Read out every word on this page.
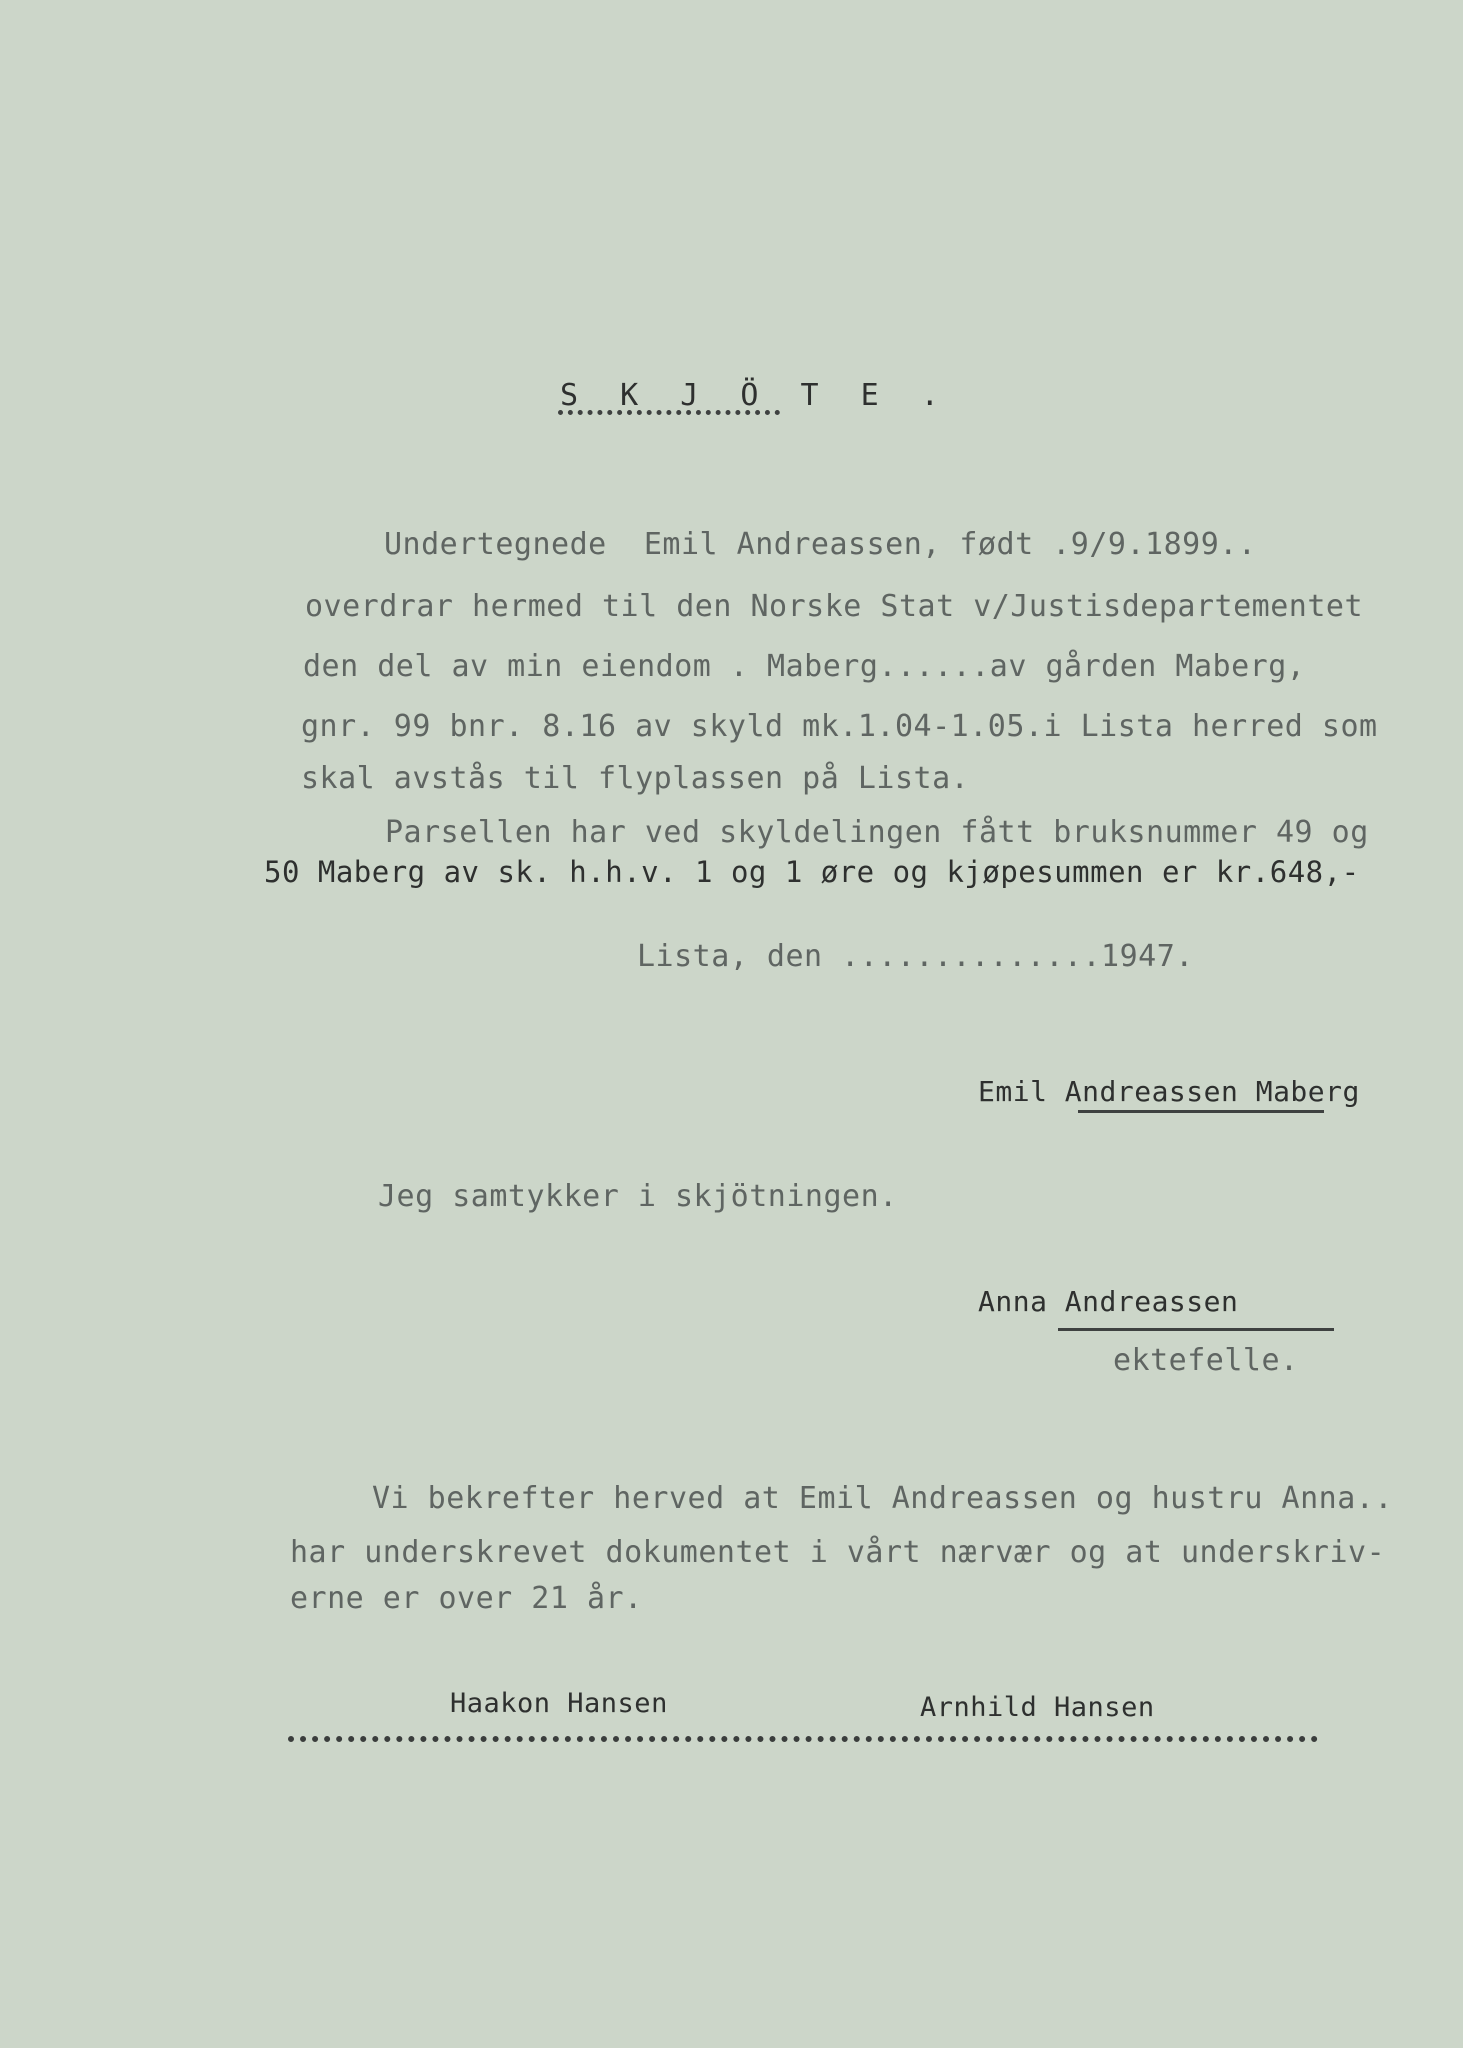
S K J Ö T E .
Undertegnede  Emil Andreassen, født .9/9.1899..
overdrar hermed til den Norske Stat v/Justisdepartementet
den del av min eiendom . Maberg......av gården Maberg,
gnr. 99 bnr. 8.16 av skyld mk.1.04-1.05.i Lista herred som
skal avstås til flyplassen på Lista.
Parsellen har ved skyldelingen fått bruksnummer 49 og
50 Maberg av sk. h.h.v. 1 og 1 øre og kjøpesummen er kr.648,-
Lista, den ..............1947.
Emil Andreassen Maberg
Jeg samtykker i skjötningen.
Anna Andreassen
ektefelle.
Vi bekrefter herved at Emil Andreassen og hustru Anna..
har underskrevet dokumentet i vårt nærvær og at underskriv-
erne er over 21 år.
Haakon Hansen	Arnhild Hansen
